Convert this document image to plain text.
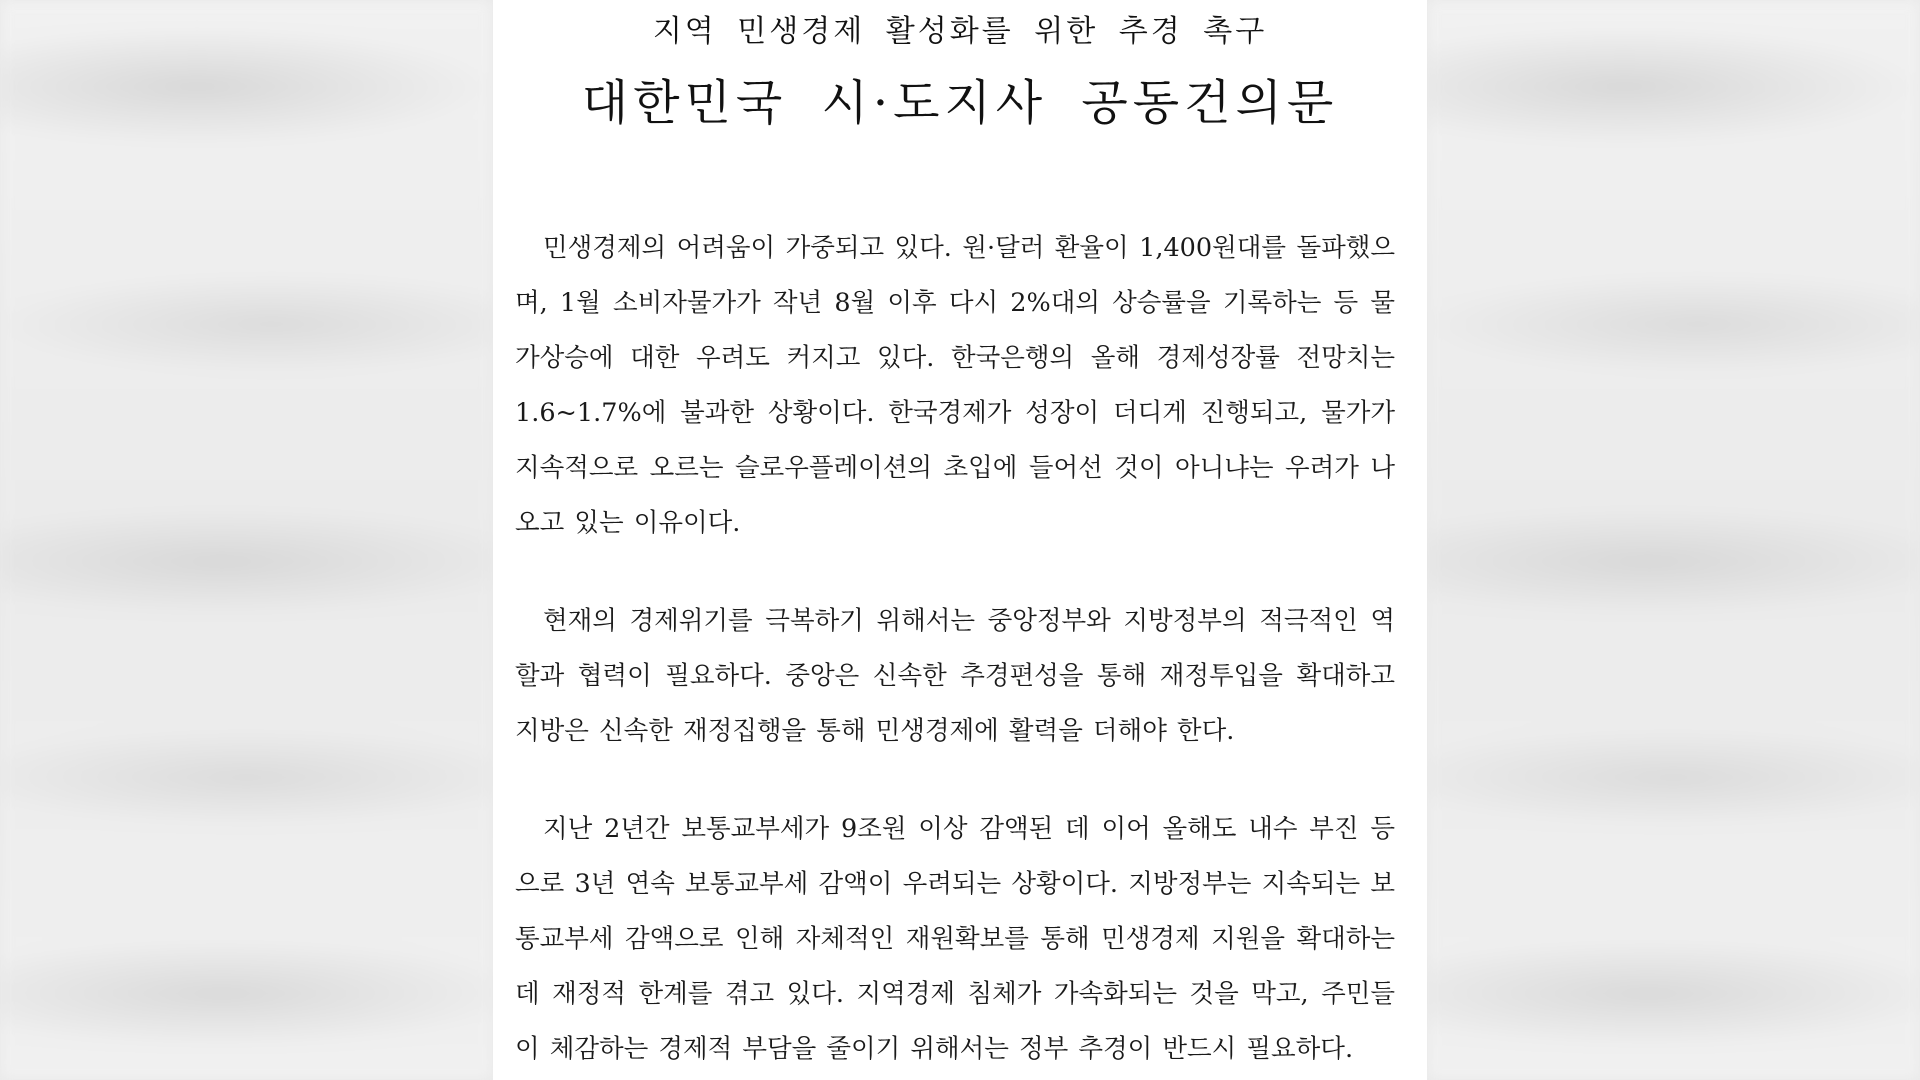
지역 민생경제 활성화를 위한 추경 촉구
대한민국 시·도지사 공동건의문

민생경제의 어려움이 가중되고 있다. 원·달러 환율이 1,400원대를 돌파했으며, 1월 소비자물가가 작년 8월 이후 다시 2%대의 상승률을 기록하는 등 물가상승에 대한 우려도 커지고 있다. 한국은행의 올해 경제성장률 전망치는 1.6~1.7%에 불과한 상황이다. 한국경제가 성장이 더디게 진행되고, 물가가 지속적으로 오르는 슬로우플레이션의 초입에 들어선 것이 아니냐는 우려가 나오고 있는 이유이다.

현재의 경제위기를 극복하기 위해서는 중앙정부와 지방정부의 적극적인 역할과 협력이 필요하다. 중앙은 신속한 추경편성을 통해 재정투입을 확대하고 지방은 신속한 재정집행을 통해 민생경제에 활력을 더해야 한다.

지난 2년간 보통교부세가 9조원 이상 감액된 데 이어 올해도 내수 부진 등으로 3년 연속 보통교부세 감액이 우려되는 상황이다. 지방정부는 지속되는 보통교부세 감액으로 인해 자체적인 재원확보를 통해 민생경제 지원을 확대하는 데 재정적 한계를 겪고 있다. 지역경제 침체가 가속화되는 것을 막고, 주민들이 체감하는 경제적 부담을 줄이기 위해서는 정부 추경이 반드시 필요하다.
